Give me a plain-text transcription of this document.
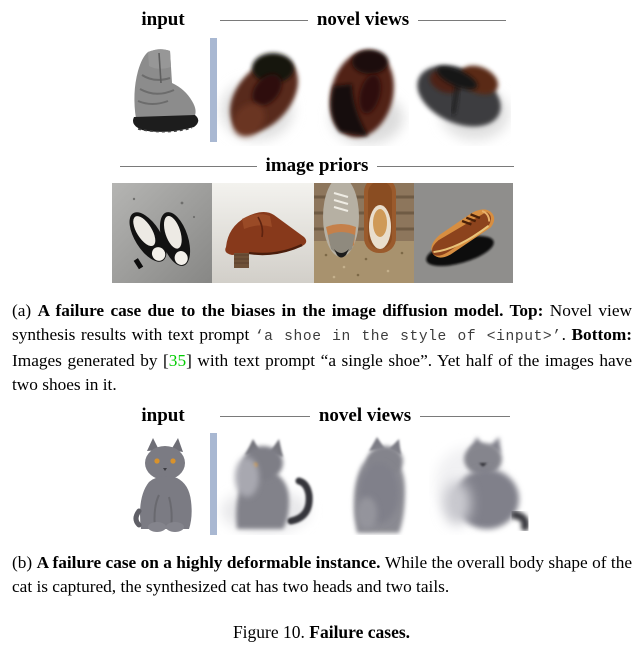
input	novel views
image priors

(a) A failure case due to the biases in the image diffusion model. Top: Novel view synthesis results with text prompt ‘a shoe in the style of <input>’. Bottom: Images generated by [35] with text prompt “a single shoe”. Yet half of the images have two shoes in it.

input	novel views

(b) A failure case on a highly deformable instance. While the overall body shape of the cat is captured, the synthesized cat has two heads and two tails.

Figure 10. Failure cases.
